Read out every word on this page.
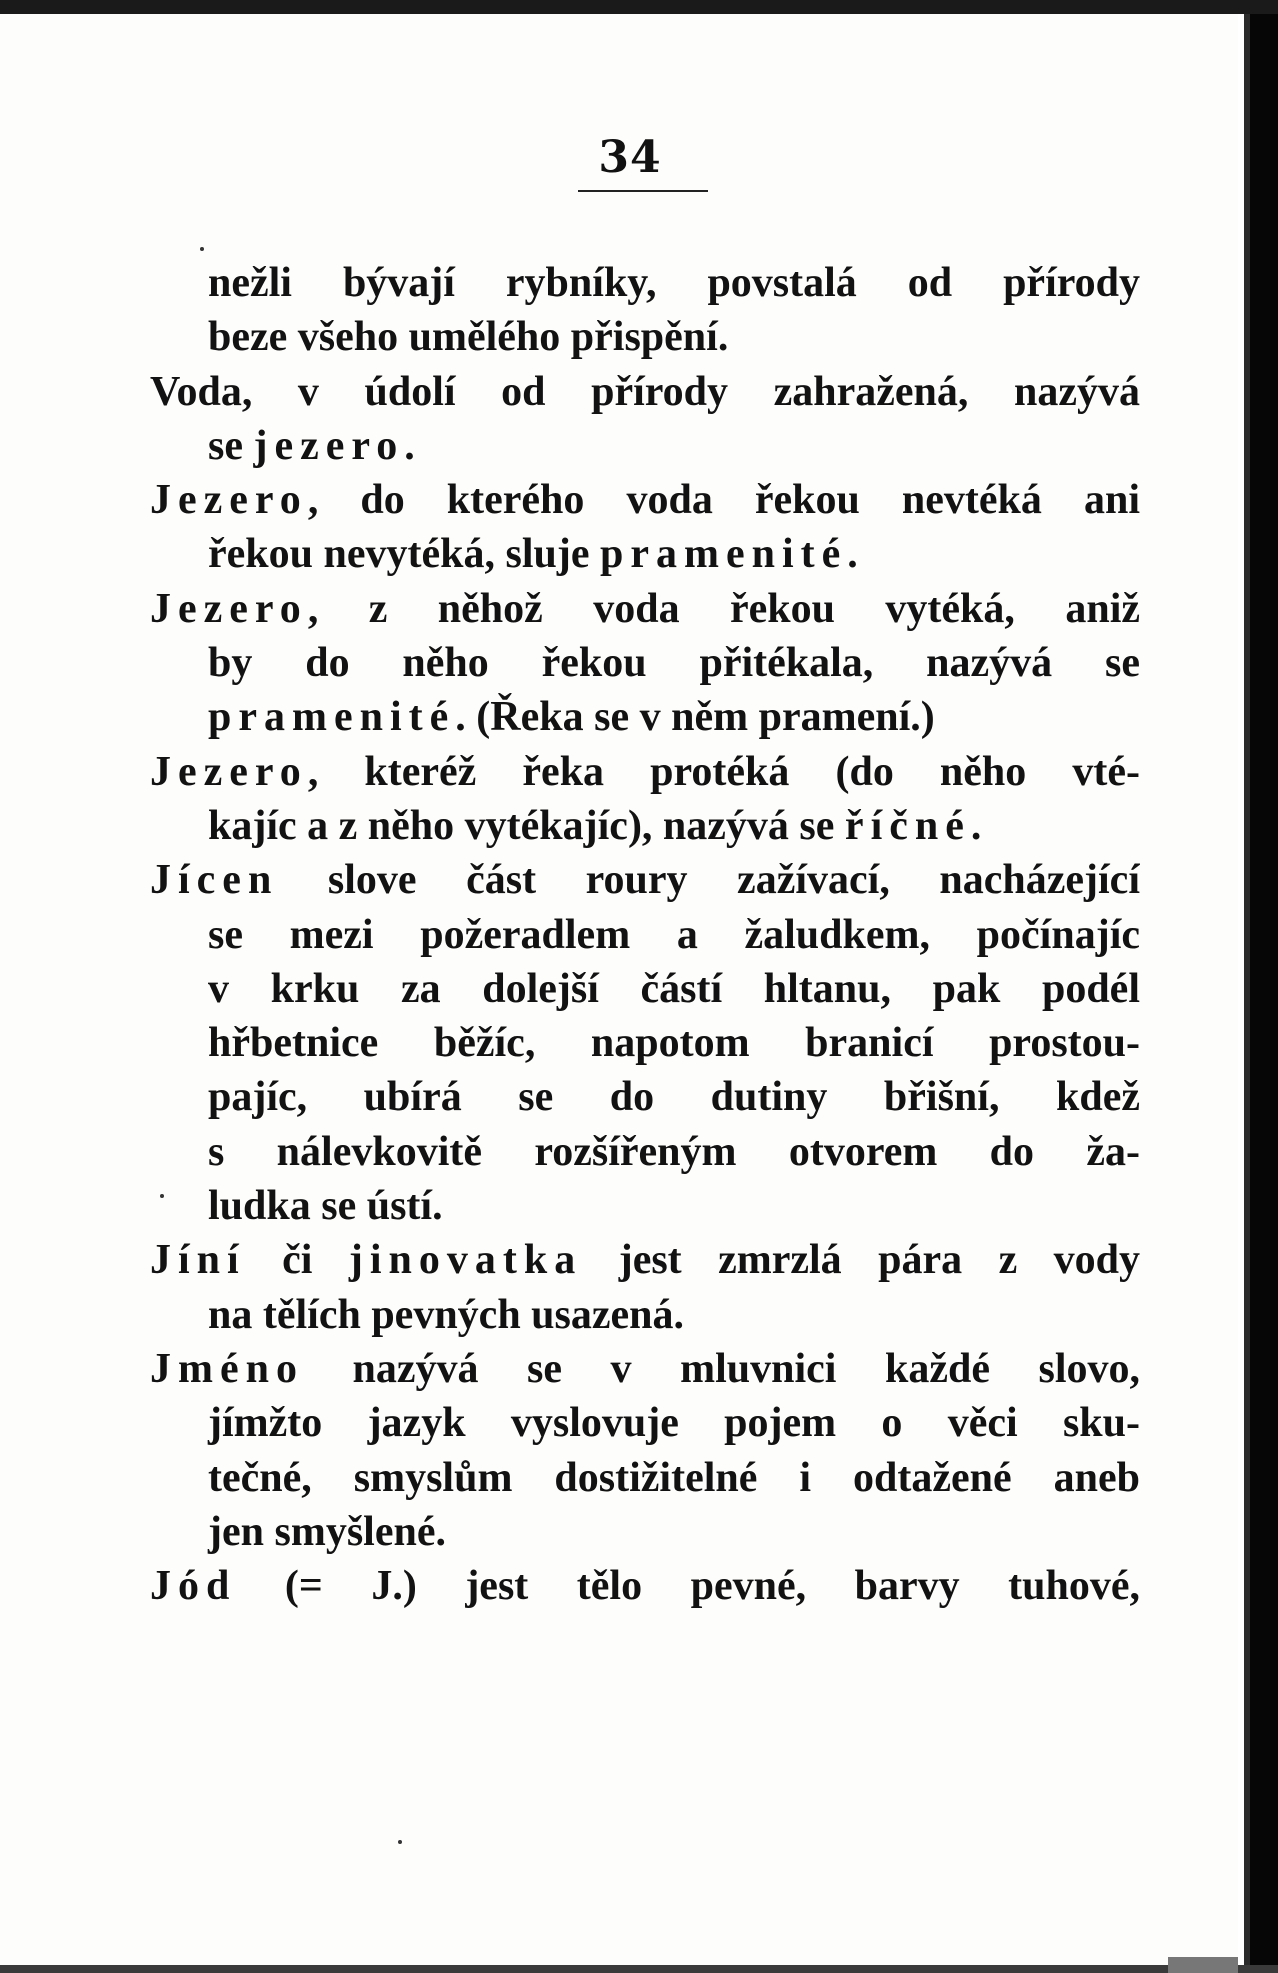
34
nežli bývají rybníky, povstalá od přírody
beze všeho umělého přispění.
Voda, v údolí od přírody zahražená, nazývá
se jezero.
Jezero, do kterého voda řekou nevtéká ani
řekou nevytéká, sluje pramenité.
Jezero, z něhož voda řekou vytéká, aniž
by do něho řekou přitékala, nazývá se
pramenité. (Řeka se v něm pramení.)
Jezero, kteréž řeka protéká (do něho vté-
kajíc a z něho vytékajíc), nazývá se říčné.
Jícen slove část roury zažívací, nacházející
se mezi požeradlem a žaludkem, počínajíc
v krku za dolejší částí hltanu, pak podél
hřbetnice běžíc, napotom branicí prostou-
pajíc, ubírá se do dutiny břišní, kdež
s nálevkovitě rozšířeným otvorem do ža-
ludka se ústí.
Jíní či jinovatka jest zmrzlá pára z vody
na tělích pevných usazená.
Jméno nazývá se v mluvnici každé slovo,
jímžto jazyk vyslovuje pojem o věci sku-
tečné, smyslům dostižitelné i odtažené aneb
jen smyšlené.
Jód (= J.) jest tělo pevné, barvy tuhové,
